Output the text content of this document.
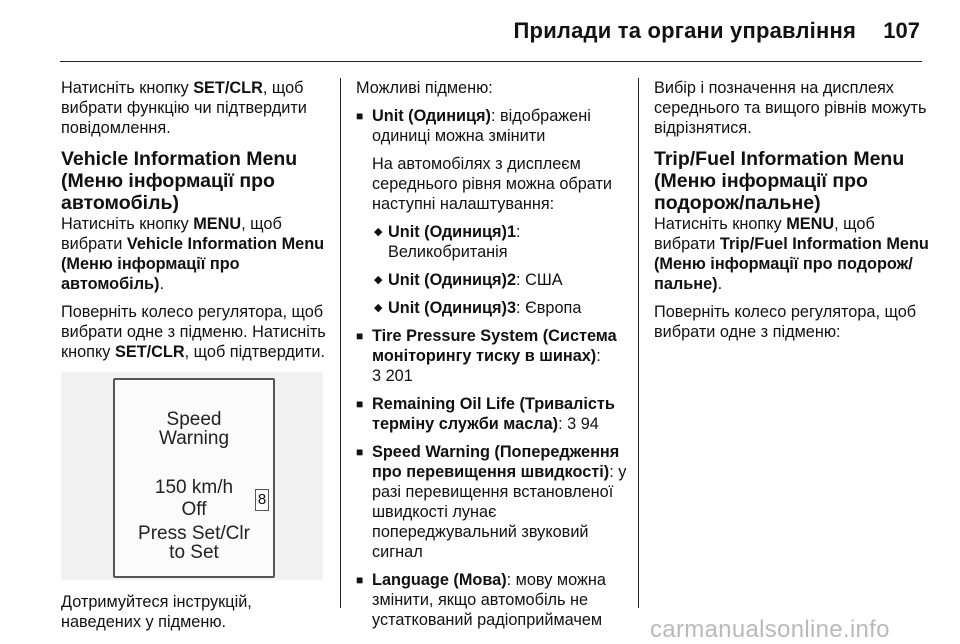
Прилади та органи управління 107

Натисніть кнопку SET/CLR, щоб вибрати функцію чи підтвердити повідомлення.

Vehicle Information Menu (Меню інформації про автомобіль)

Натисніть кнопку MENU, щоб вибрати Vehicle Information Menu (Меню інформації про автомобіль).

Поверніть колесо регулятора, щоб вибрати одне з підменю. Натисніть кнопку SET/CLR, щоб підтвердити.

Speed
Warning
150 km/h
Off
Press Set/Clr
to Set
8

Дотримуйтеся інструкцій, наведених у підменю.

Можливі підменю:

■ Unit (Одиниця): відображені одиниці можна змінити

На автомобілях з дисплеєм середнього рівня можна обрати наступні налаштування:

◆ Unit (Одиниця)1: Великобританія
◆ Unit (Одиниця)2: США
◆ Unit (Одиниця)3: Європа
■ Tire Pressure System (Система моніторингу тиску в шинах):
3 201
■ Remaining Oil Life (Тривалість терміну служби масла): 3 94
■ Speed Warning (Попередження про перевищення швидкості): у разі перевищення встановленої швидкості лунає попереджувальний звуковий сигнал
■ Language (Мова): мову можна змінити, якщо автомобіль не устаткований радіоприймачем

Вибір і позначення на дисплеях середнього та вищого рівнів можуть відрізнятися.

Trip/Fuel Information Menu (Меню інформації про подорож/пальне)

Натисніть кнопку MENU, щоб вибрати Trip/Fuel Information Menu (Меню інформації про подорож/ пальне).

Поверніть колесо регулятора, щоб вибрати одне з підменю:

carmanualsonline.info
